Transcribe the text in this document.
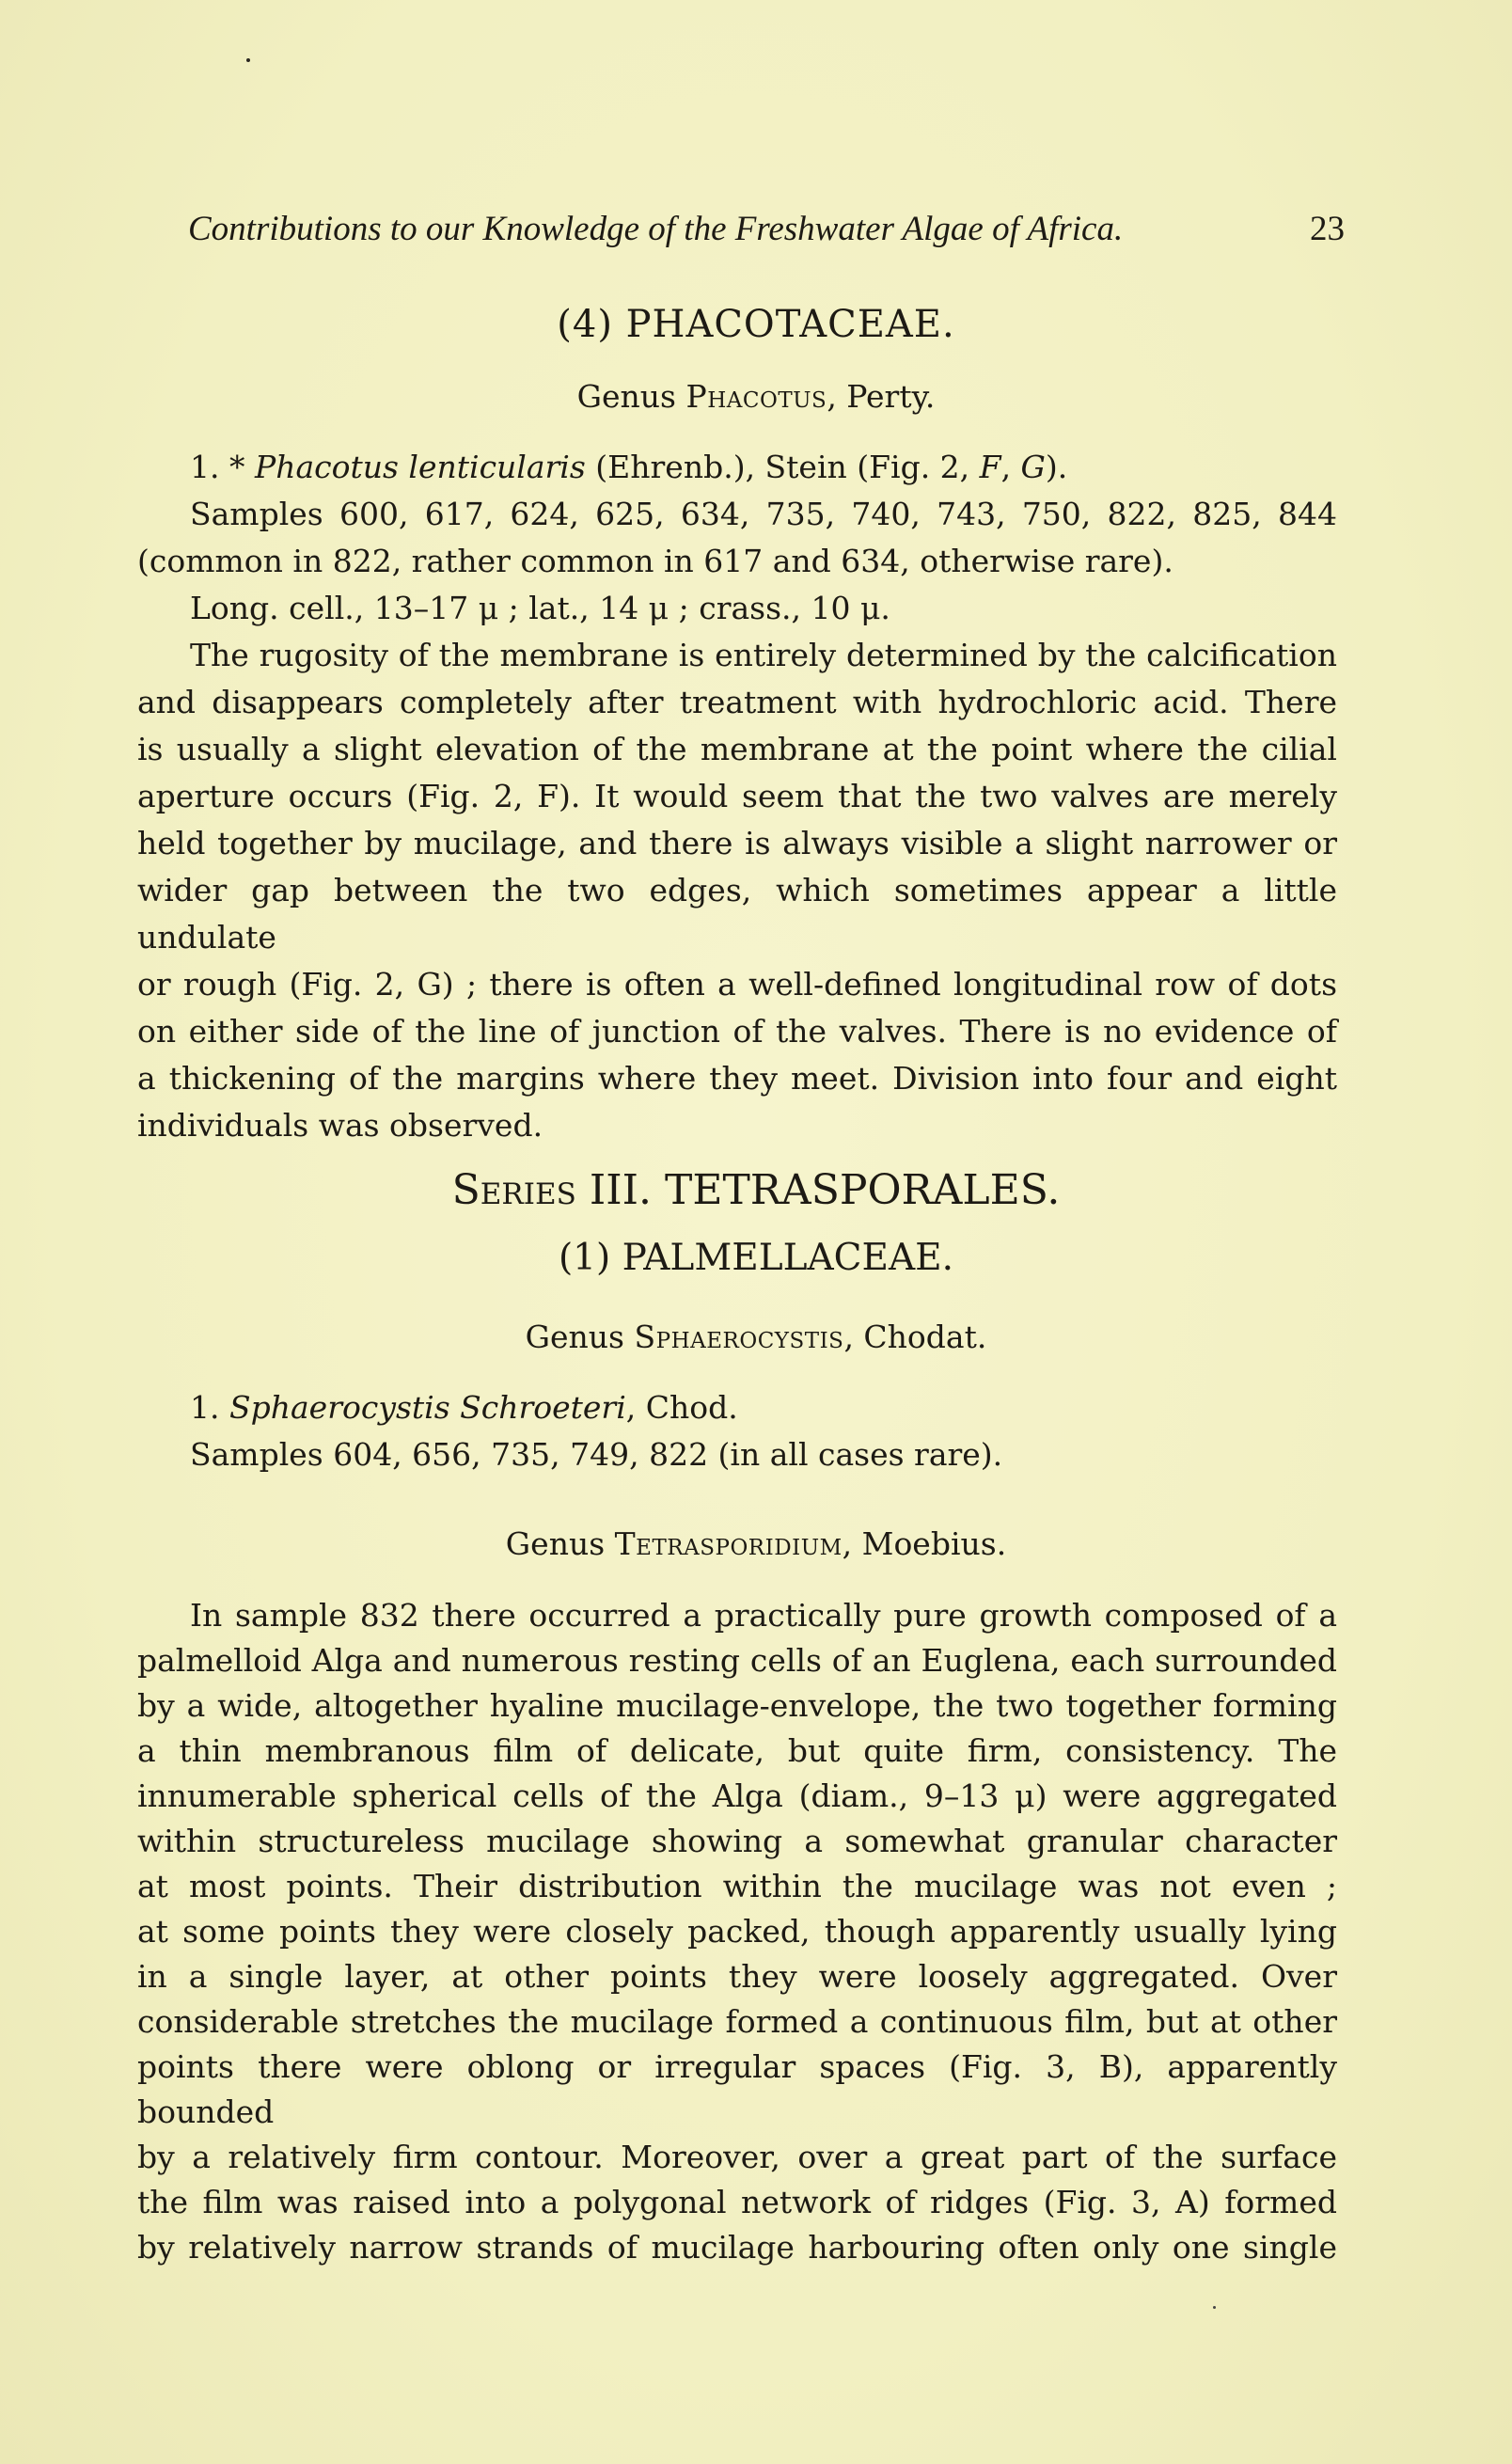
Contributions to our Knowledge of the Freshwater Algae of Africa.	23
(4) PHACOTACEAE.
Genus Phacotus, Perty.
1. * Phacotus lenticularis (Ehrenb.), Stein (Fig. 2, F, G).
Samples 600, 617, 624, 625, 634, 735, 740, 743, 750, 822, 825, 844
(common in 822, rather common in 617 and 634, otherwise rare).
Long. cell., 13–17 μ ; lat., 14 μ ; crass., 10 μ.
The rugosity of the membrane is entirely determined by the calcification
and disappears completely after treatment with hydrochloric acid. There
is usually a slight elevation of the membrane at the point where the cilial
aperture occurs (Fig. 2, F). It would seem that the two valves are merely
held together by mucilage, and there is always visible a slight narrower or
wider gap between the two edges, which sometimes appear a little undulate
or rough (Fig. 2, G) ; there is often a well-defined longitudinal row of dots
on either side of the line of junction of the valves. There is no evidence of
a thickening of the margins where they meet. Division into four and eight
individuals was observed.
Series III. TETRASPORALES.
(1) PALMELLACEAE.
Genus Sphaerocystis, Chodat.
1. Sphaerocystis Schroeteri, Chod.
Samples 604, 656, 735, 749, 822 (in all cases rare).
Genus Tetrasporidium, Moebius.
In sample 832 there occurred a practically pure growth composed of a
palmelloid Alga and numerous resting cells of an Euglena, each surrounded
by a wide, altogether hyaline mucilage-envelope, the two together forming
a thin membranous film of delicate, but quite firm, consistency. The
innumerable spherical cells of the Alga (diam., 9–13 μ) were aggregated
within structureless mucilage showing a somewhat granular character
at most points. Their distribution within the mucilage was not even ;
at some points they were closely packed, though apparently usually lying
in a single layer, at other points they were loosely aggregated. Over
considerable stretches the mucilage formed a continuous film, but at other
points there were oblong or irregular spaces (Fig. 3, B), apparently bounded
by a relatively firm contour. Moreover, over a great part of the surface
the film was raised into a polygonal network of ridges (Fig. 3, A) formed
by relatively narrow strands of mucilage harbouring often only one single
